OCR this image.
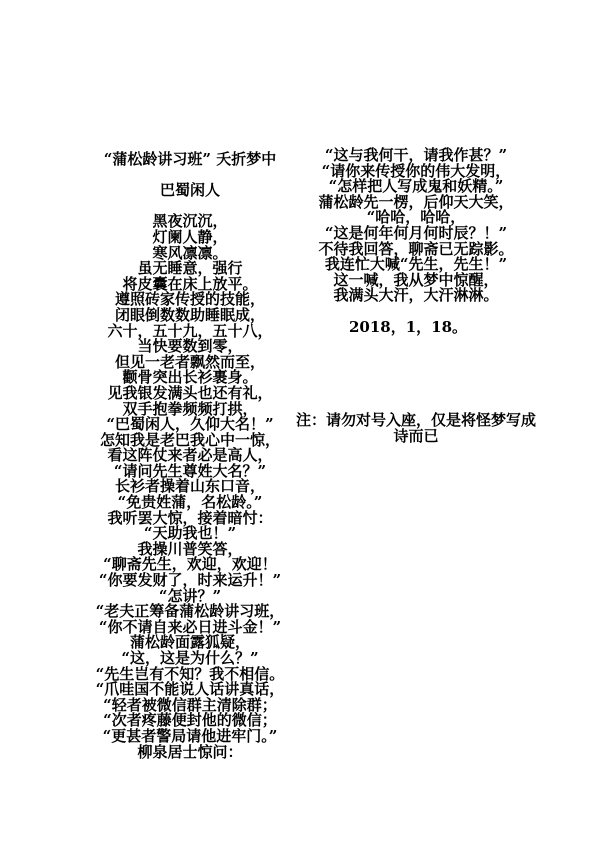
“蒲松龄讲习班” 夭折梦中
巴蜀闲人
黑夜沉沉，
灯阑人静，
寒风凛凛。
虽无睡意，强行
将皮囊在床上放平。
遵照砖家传授的技能，
闭眼倒数数助睡眠成，
六十，五十九，五十八，
当快要数到零，
但见一老者飘然而至，
颧骨突出长衫裹身。
见我银发满头也还有礼，
双手抱拳频频打拱，
“巴蜀闲人，久仰大名！”
怎知我是老巴我心中一惊，
看这阵仗来者必是高人，
“请问先生尊姓大名？”
长衫者操着山东口音，
“免贵姓蒲，名松龄。”
我听罢大惊，接着暗忖：
“天助我也！”
我操川普笑答，
“聊斋先生，欢迎，欢迎！
“你要发财了，时来运升！”
“怎讲？”
“老夫正筹备蒲松龄讲习班，
“你不请自来必日进斗金！”
蒲松龄面露狐疑，
“这，这是为什么？”
“先生岂有不知？我不相信。
“爪哇国不能说人话讲真话，
“轻者被微信群主清除群；
“次者疼藤便封他的微信；
“更甚者警局请他进牢门。”
柳泉居士惊问：
“这与我何干，请我作甚？”
“请你来传授你的伟大发明，
“怎样把人写成鬼和妖精。”
蒲松龄先一楞，后仰天大笑，
“哈哈，哈哈，
“这是何年何月何时辰？！”
不待我回答，聊斋已无踪影。
我连忙大喊“先生，先生！”
这一喊，我从梦中惊醒，
我满头大汗，大汗淋淋。
2018，1，18。
注：请勿对号入座，仅是将怪梦写成
诗而已
